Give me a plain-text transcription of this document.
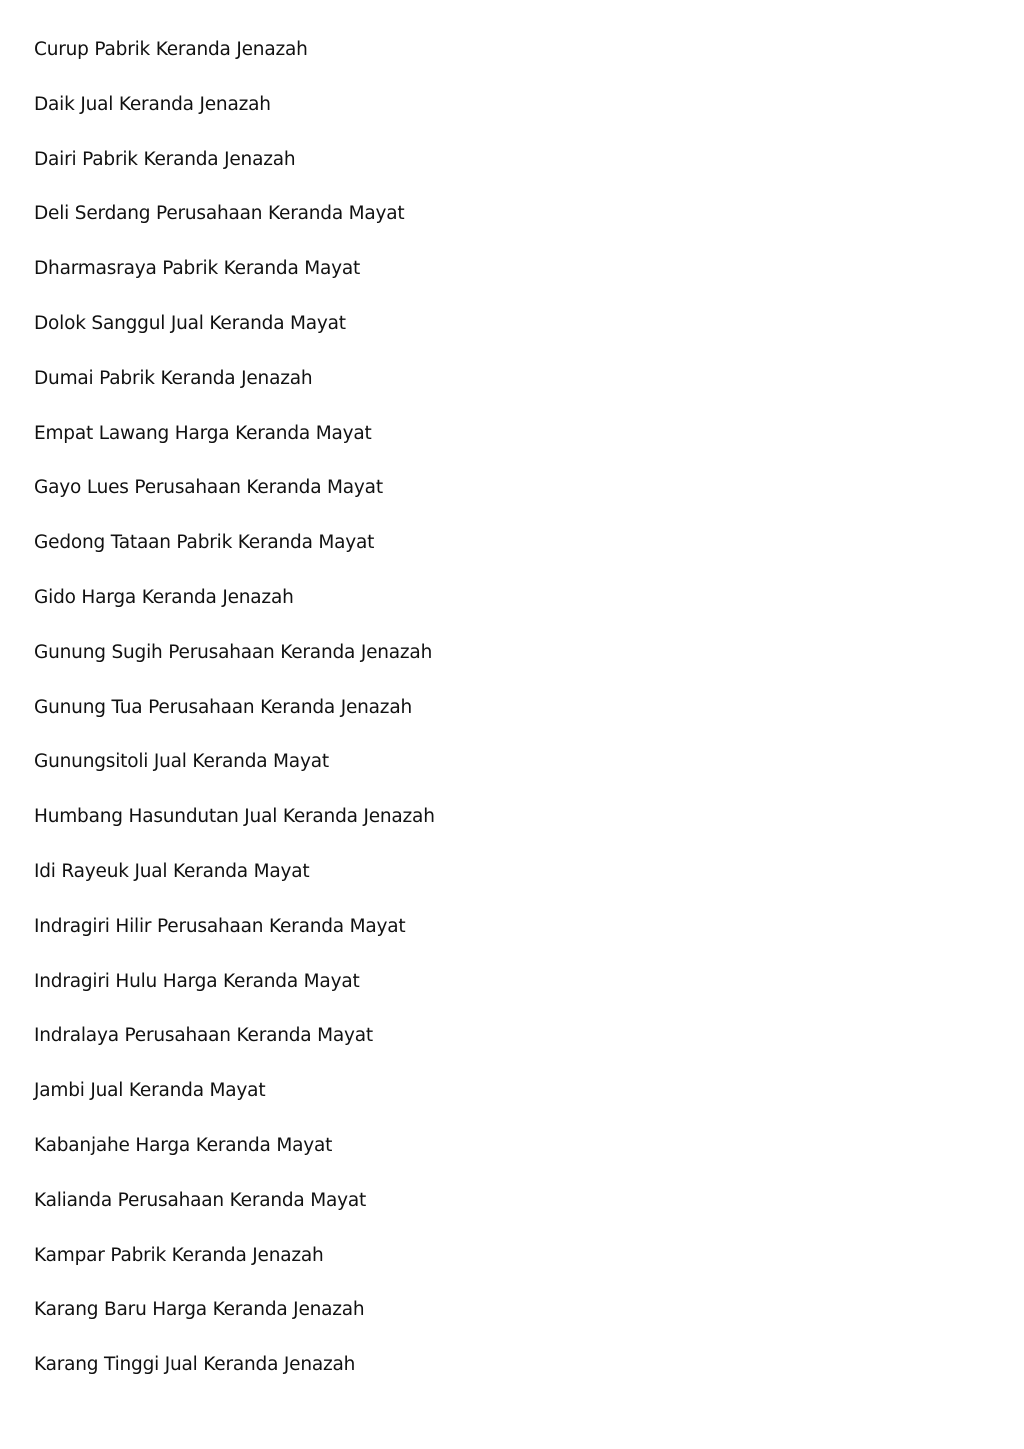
Curup Pabrik Keranda Jenazah
Daik Jual Keranda Jenazah
Dairi Pabrik Keranda Jenazah
Deli Serdang Perusahaan Keranda Mayat
Dharmasraya Pabrik Keranda Mayat
Dolok Sanggul Jual Keranda Mayat
Dumai Pabrik Keranda Jenazah
Empat Lawang Harga Keranda Mayat
Gayo Lues Perusahaan Keranda Mayat
Gedong Tataan Pabrik Keranda Mayat
Gido Harga Keranda Jenazah
Gunung Sugih Perusahaan Keranda Jenazah
Gunung Tua Perusahaan Keranda Jenazah
Gunungsitoli Jual Keranda Mayat
Humbang Hasundutan Jual Keranda Jenazah
Idi Rayeuk Jual Keranda Mayat
Indragiri Hilir Perusahaan Keranda Mayat
Indragiri Hulu Harga Keranda Mayat
Indralaya Perusahaan Keranda Mayat
Jambi Jual Keranda Mayat
Kabanjahe Harga Keranda Mayat
Kalianda Perusahaan Keranda Mayat
Kampar Pabrik Keranda Jenazah
Karang Baru Harga Keranda Jenazah
Karang Tinggi Jual Keranda Jenazah
